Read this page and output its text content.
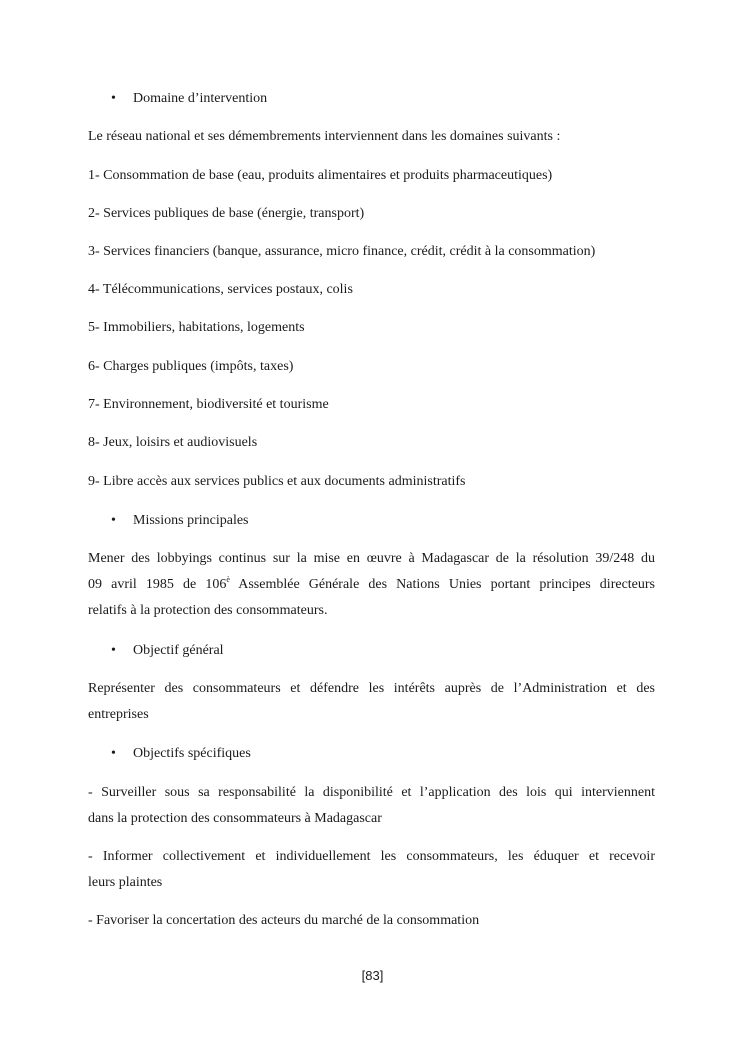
• Domaine d’intervention
Le réseau national et ses démembrements interviennent dans les domaines suivants :
1- Consommation de base (eau, produits alimentaires et produits pharmaceutiques)
2- Services publiques de base (énergie, transport)
3- Services financiers (banque, assurance, micro finance, crédit, crédit à la consommation)
4- Télécommunications, services postaux, colis
5- Immobiliers, habitations, logements
6- Charges publiques (impôts, taxes)
7- Environnement, biodiversité et tourisme
8- Jeux, loisirs et audiovisuels
9- Libre accès aux services publics et aux documents administratifs
• Missions principales
Mener des lobbyings continus sur la mise en œuvre à Madagascar de la résolution 39/248 du
09 avril 1985 de $106^è$ Assemblée Générale des Nations Unies portant principes directeurs
relatifs à la protection des consommateurs.
• Objectif général
Représenter des consommateurs et défendre les intérêts auprès de l’Administration et des
entreprises
• Objectifs spécifiques
- Surveiller sous sa responsabilité la disponibilité et l’application des lois qui interviennent
dans la protection des consommateurs à Madagascar
- Informer collectivement et individuellement les consommateurs, les éduquer et recevoir
leurs plaintes
- Favoriser la concertation des acteurs du marché de la consommation
[83]
